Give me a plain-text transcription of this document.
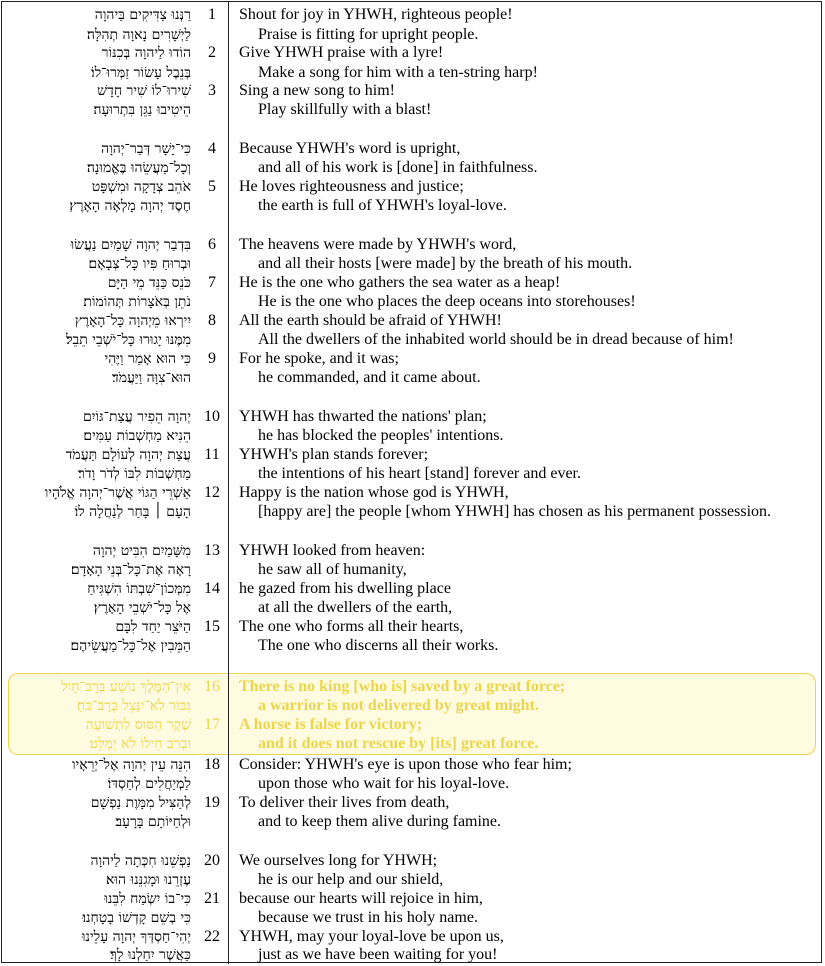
רַנְּנוּ צַדִּיקִים בַּיהוָה	1	Shout for joy in YHWH, righteous people!
לַיְשָׁרִים נָאוָה תְהִלָּה׃	Praise is fitting for upright people.
הוֹדוּ לַיהוָה בְּכִנּוֹר	2	Give YHWH praise with a lyre!
בְּנֵבֶל עָשׂוֹר זַמְּרוּ־לוֹ׃	Make a song for him with a ten-string harp!
שִׁירוּ־לוֹ שִׁיר חָדָשׁ	3	Sing a new song to him!
הֵיטִיבוּ נַגֵּן בִּתְרוּעָה׃	Play skillfully with a blast!
כִּי־יָשָׁר דְּבַר־יְהוָה	4	Because YHWH's word is upright,
וְכָל־מַעֲשֵׂהוּ בֶּאֱמוּנָה׃	and all of his work is [done] in faithfulness.
אֹהֵב צְדָקָה וּמִשְׁפָּט	5	He loves righteousness and justice;
חֶסֶד יְהוָה מָלְאָה הָאָרֶץ׃	the earth is full of YHWH's loyal-love.
בִּדְבַר יְהוָה שָׁמַיִם נַעֲשׂוּ	6	The heavens were made by YHWH's word,
וּבְרוּחַ פִּיו כָּל־צְבָאָם׃	and all their hosts [were made] by the breath of his mouth.
כֹּנֵס כַּנֵּד מֵי הַיָּם	7	He is the one who gathers the sea water as a heap!
נֹתֵן בְּאֹצָרוֹת תְּהוֹמוֹת׃	He is the one who places the deep oceans into storehouses!
יִירְאוּ מֵיְהוָה כָּל־הָאָרֶץ	8	All the earth should be afraid of YHWH!
מִמֶּנּוּ יָגוּרוּ כָּל־יֹשְׁבֵי תֵבֵל׃	All the dwellers of the inhabited world should be in dread because of him!
כִּי הוּא אָמַר וַיֶּהִי	9	For he spoke, and it was;
הוּא־צִוָּה וַיַּעֲמֹד׃	he commanded, and it came about.
יְהוָה הֵפִיר עֲצַת־גּוֹיִם 10 YHWH has thwarted the nations' plan;
הֵנִיא מַחְשְׁבוֹת עַמִּים׃	he has blocked the peoples' intentions.
עֲצַת יְהוָה לְעוֹלָם תַּעֲמֹד 11 YHWH's plan stands forever;
מַחְשְׁבוֹת לִבּוֹ לְדֹר וָדֹר׃	the intentions of his heart [stand] forever and ever.
אַשְׁרֵי הַגּוֹי אֲשֶׁר־יְהוָה אֱלֹהָיו 12 Happy is the nation whose god is YHWH,
הָעָם ׀ בָּחַר לְנַחֲלָה לוֹ׃	[happy are] the people [whom YHWH] has chosen as his permanent possession.
מִשָּׁמַיִם הִבִּיט יְהוָה 13 YHWH looked from heaven:
רָאָה אֶת־כָּל־בְּנֵי הָאָדָם׃	he saw all of humanity,
מִמְּכוֹן־שִׁבְתּוֹ הִשְׁגִּיחַ 14 he gazed from his dwelling place
אֶל כָּל־יֹשְׁבֵי הָאָרֶץ׃	at all the dwellers of the earth,
הַיֹּצֵר יַחַד לִבָּם 15 The one who forms all their hearts,
הַמֵּבִין אֶל־כָּל־מַעֲשֵׂיהֶם׃	The one who discerns all their works.
אֵין־הַמֶּלֶךְ נוֹשָׁע בְּרָב־חָיִל 16 There is no king [who is] saved by a great force;
גִּבּוֹר לֹא־יִנָּצֵל בְּרָב־כֹּחַ׃	a warrior is not delivered by great might.
שֶׁקֶר הַסּוּס לִתְשׁוּעָה 17 A horse is false for victory;
וּבְרֹב חֵילוֹ לֹא יְמַלֵּט׃	and it does not rescue by [its] great force.
הִנֵּה עֵין יְהוָה אֶל־יְרֵאָיו 18 Consider: YHWH's eye is upon those who fear him;
לַמְיַחֲלִים לְחַסְדּוֹ׃	upon those who wait for his loyal-love.
לְהַצִּיל מִמָּוֶת נַפְשָׁם 19 To deliver their lives from death,
וּלְחַיּוֹתָם בָּרָעָב׃	and to keep them alive during famine.
נַפְשֵׁנוּ חִכְּתָה לַיהוָה 20 We ourselves long for YHWH;
עֶזְרֵנוּ וּמָגִנֵּנוּ הוּא׃	he is our help and our shield,
כִּי־בוֹ יִשְׂמַח לִבֵּנוּ 21 because our hearts will rejoice in him,
כִּי בְשֵׁם קָדְשׁוֹ בָטָחְנוּ׃	because we trust in his holy name.
יְהִי־חַסְדְּךָ יְהוָה עָלֵינוּ 22 YHWH, may your loyal-love be upon us,
כַּאֲשֶׁר יִחַלְנוּ לָךְ׃	just as we have been waiting for you!
